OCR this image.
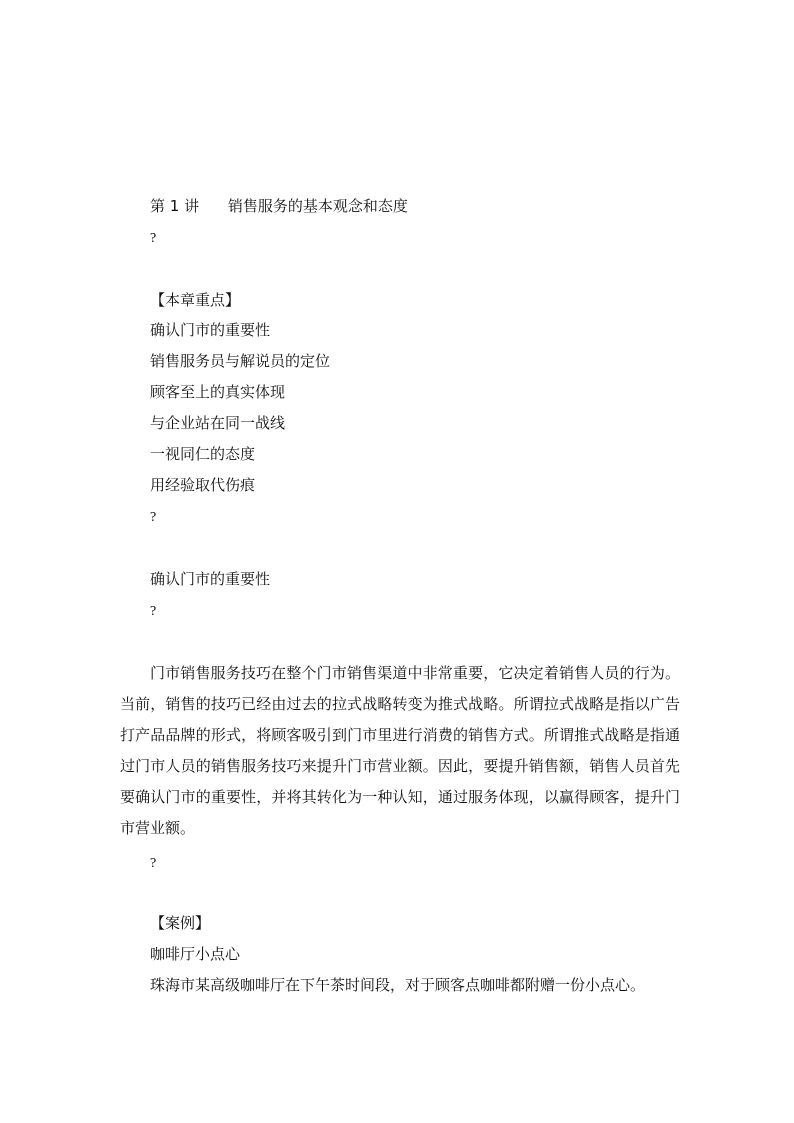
第 1 讲 销售服务的基本观念和态度
?
【本章重点】
确认门市的重要性
销售服务员与解说员的定位
顾客至上的真实体现
与企业站在同一战线
一视同仁的态度
用经验取代伤痕
?
确认门市的重要性
?
门市销售服务技巧在整个门市销售渠道中非常重要，它决定着销售人员的行为。当前，销售的技巧已经由过去的拉式战略转变为推式战略。所谓拉式战略是指以广告打产品品牌的形式，将顾客吸引到门市里进行消费的销售方式。所谓推式战略是指通过门市人员的销售服务技巧来提升门市营业额。因此，要提升销售额，销售人员首先要确认门市的重要性，并将其转化为一种认知，通过服务体现，以赢得顾客，提升门市营业额。
?
【案例】
咖啡厅小点心
珠海市某高级咖啡厅在下午茶时间段，对于顾客点咖啡都附赠一份小点心。
